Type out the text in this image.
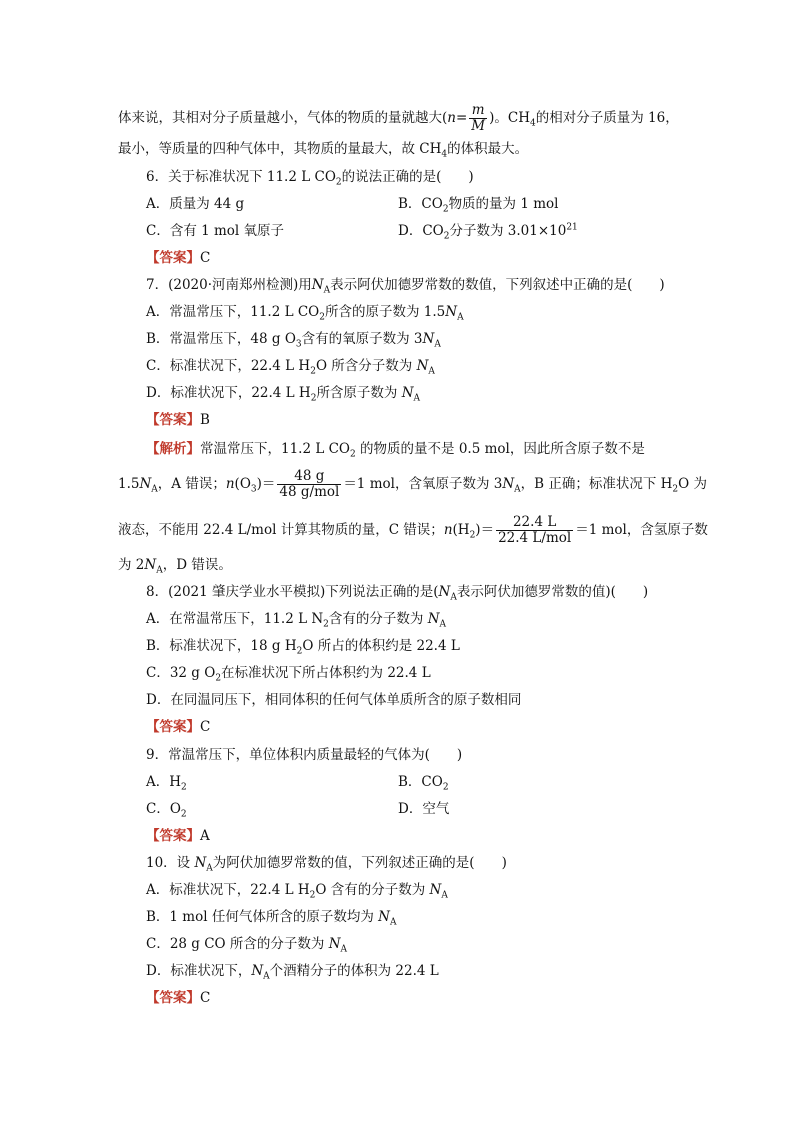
体来说，其相对分子质量越小，气体的物质的量就越大($n= \frac{m}{M}$ )。$CH_4$的相对分子质量为 16，
最小，等质量的四种气体中，其物质的量最大，故 $CH_4$的体积最大。
6．关于标准状况下 11.2 L $CO_2$的说法正确的是(　　)
A．质量为 44 g	B．$CO_2$物质的量为 1 mol
C．含有 1 mol 氧原子	D．$CO_2$分子数为 $3.01\times 10^{21}$
【答案】C
7．(2020·河南郑州检测)用$N_A$表示阿伏加德罗常数的数值，下列叙述中正确的是(　　)
A．常温常压下，11.2 L $CO_2$所含的原子数为 $1.5N_A$
B．常温常压下，48 g $O_3$含有的氧原子数为 $3N_A$
C．标准状况下，22.4 L $H_2O$ 所含分子数为 $N_A$
D．标准状况下，22.4 L $H_2$所含原子数为 $N_A$
【答案】B
【解析】常温常压下，11.2 L $CO_2$ 的物质的量不是 0.5 mol，因此所含原子数不是
$1.5N_A$，A 错误；$n(O_3)= \frac{48 g}{\text{48 g/mol}} =1$ mol，含氧原子数为 $3N_A$，B 正确；标准状况下 $H_2O$ 为
液态，不能用 22.4 L/mol 计算其物质的量，C 错误；$n(H_2)= \frac{22.4 L}{\text{22.4 L/mol}} =1$ mol，含氢原子数
为 $2N_A$，D 错误。
8．(2021 肇庆学业水平模拟)下列说法正确的是($N_A$表示阿伏加德罗常数的值)(　　)
A．在常温常压下，11.2 L $N_2$含有的分子数为 $N_A$
B．标准状况下，18 g $H_2O$ 所占的体积约是 22.4 L
C．32 g $O_2$在标准状况下所占体积约为 22.4 L
D．在同温同压下，相同体积的任何气体单质所含的原子数相同
【答案】C
9．常温常压下，单位体积内质量最轻的气体为(　　)
A．$H_2$	B．$CO_2$
C．$O_2$	D．空气
【答案】A
10．设 $N_A$为阿伏加德罗常数的值，下列叙述正确的是(　　)
A．标准状况下，22.4 L $H_2O$ 含有的分子数为 $N_A$
B．1 mol 任何气体所含的原子数均为 $N_A$
C．28 g CO 所含的分子数为 $N_A$
D．标准状况下，$N_A$个酒精分子的体积为 22.4 L
【答案】C
